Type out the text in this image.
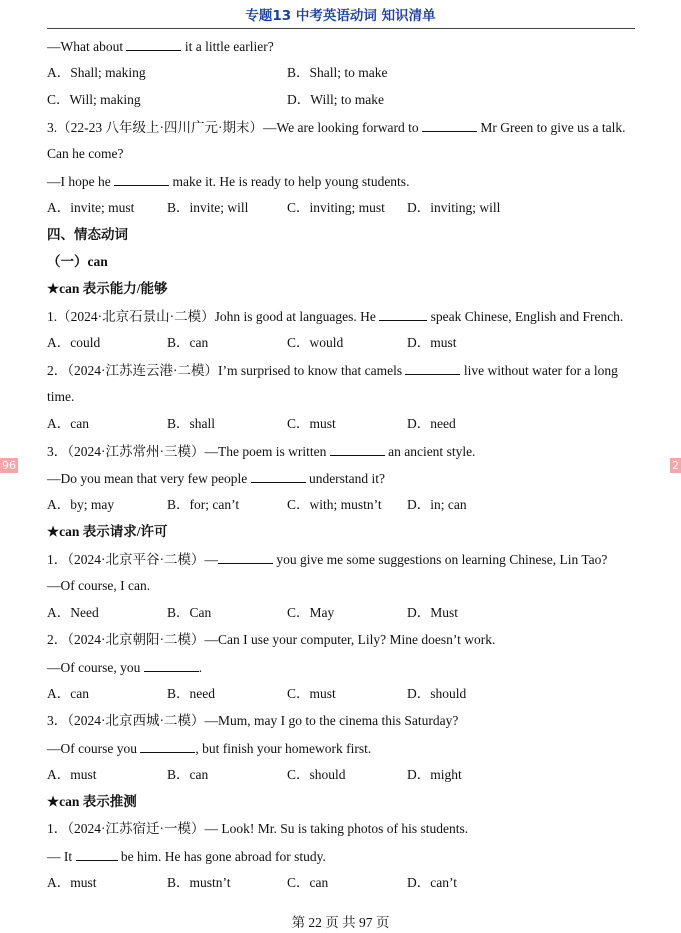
专题13 中考英语动词 知识清单
—What about	it a little earlier?
A．Shall; making	B．Shall; to make
C．Will; making	D．Will; to make
3.（22-23 八年级上·四川广元·期末）—We are looking forward to	Mr Green to give us a talk.
Can he come?
—I hope he	make it. He is ready to help young students.
A．invite; must B．invite; will	C．inviting; must D．inviting; will
四、情态动词
（一）can
★can 表示能力/能够
1.（2024·北京石景山·二模）John is good at languages. He	speak Chinese, English and French.
A．could	B．can	C．would	D．must
2．（2024·江苏连云港·二模）I’m surprised to know that camels	live without water for a long
time.
A．can	B．shall	C．must	D．need
3．（2024·江苏常州·三模）—The poem is written	an ancient style.
—Do you mean that very few people	understand it?
A．by; may	B．for; can’t	C．with; mustn’t D．in; can
★can 表示请求/许可
1．（2024·北京平谷·二模）—	you give me some suggestions on learning Chinese, Lin Tao?
—Of course, I can.
A．Need	B．Can	C．May	D．Must
2．（2024·北京朝阳·二模）—Can I use your computer, Lily? Mine doesn’t work.
—Of course, you	.
A．can	B．need	C．must	D．should
3．（2024·北京西城·二模）—Mum, may I go to the cinema this Saturday?
—Of course you	, but finish your homework first.
A．must	B．can	C．should	D．might
★can 表示推测
1．（2024·江苏宿迁·一模）— Look! Mr. Su is taking photos of his students.
— It	be him. He has gone abroad for study.
A．must	B．mustn’t	C．can	D．can’t
96	2
第 22 页 共 97 页
